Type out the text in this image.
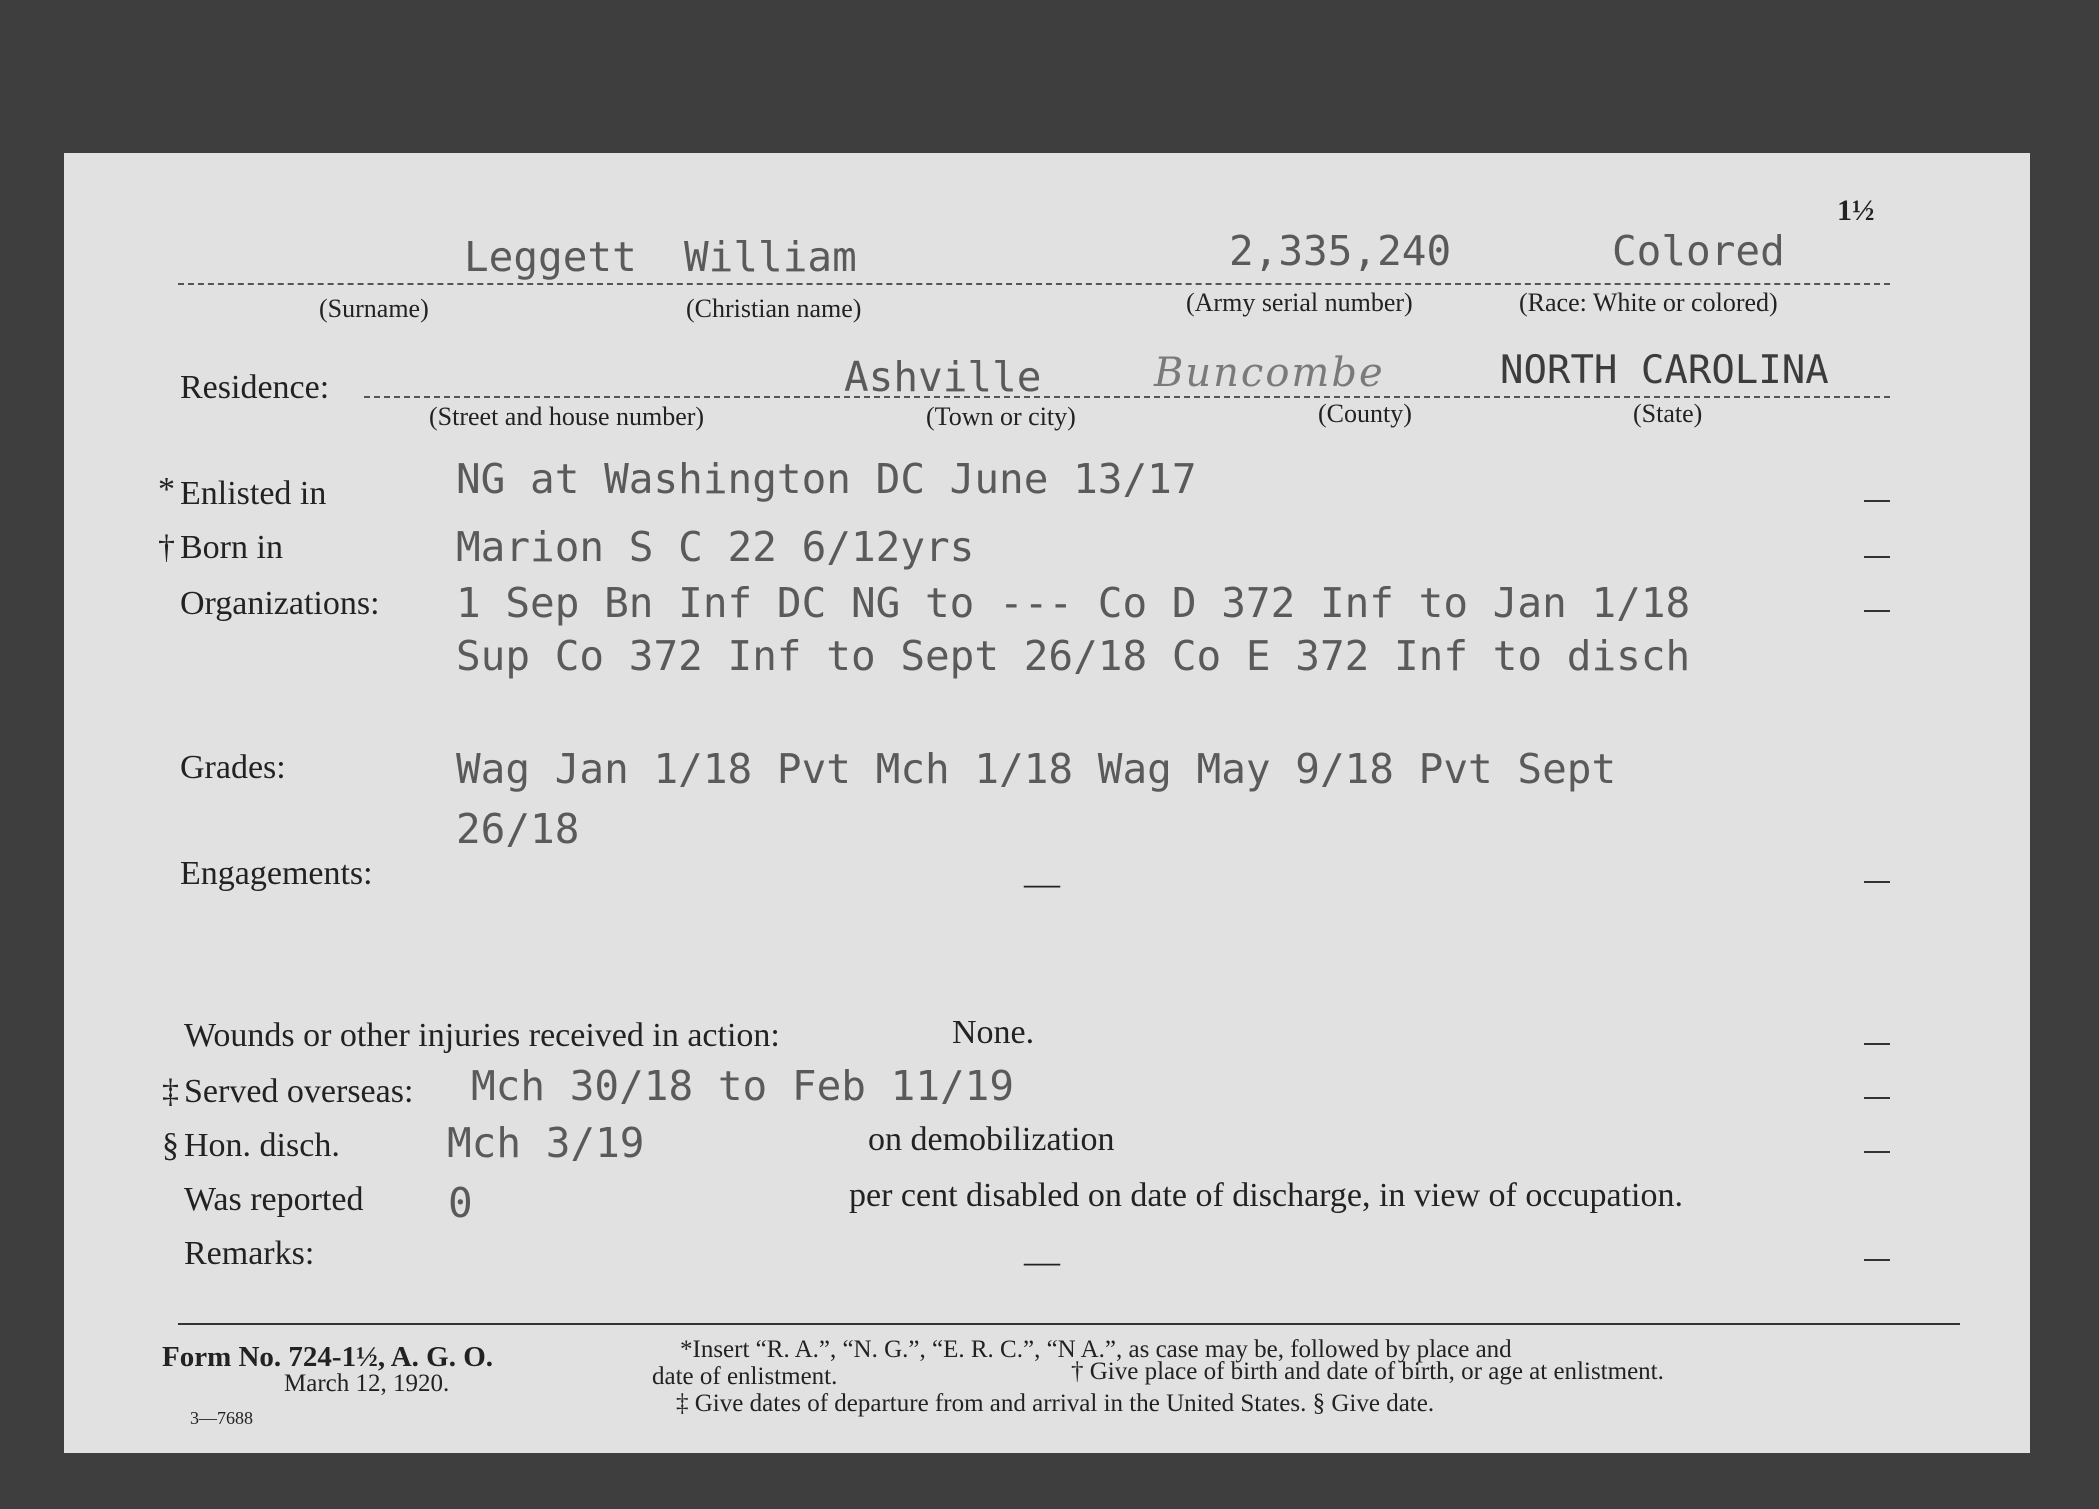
1½
Leggett William	2,335,240	Colored
(Surname)	(Christian name)	(Army serial number)	(Race: White or colored)
Residence:	Ashville	Buncombe	NORTH CAROLINA
(Street and house number)	(Town or city)	(County)	(State)
* Enlisted in	NG at Washington DC June 13/17
† Born in	Marion S C 22 6/12yrs
Organizations: 1 Sep Bn Inf DC NG to --- Co D 372 Inf to Jan 1/18
Sup Co 372 Inf to Sept 26/18 Co E 372 Inf to disch
Grades:	Wag Jan 1/18 Pvt Mch 1/18 Wag May 9/18 Pvt Sept
26/18
Engagements:	—
Wounds or other injuries received in action:	None.
‡ Served overseas: Mch 30/18 to Feb 11/19
§ Hon. disch.	Mch 3/19	on demobilization
Was reported 0	per cent disabled on date of discharge, in view of occupation.
Remarks:	—
Form No. 724-1½, A. G. O.
March 12, 1920.
3—7688
*Insert “R. A.”, “N. G.”, “E. R. C.”, “N A.”, as case may be, followed by place and
date of enlistment.	† Give place of birth and date of birth, or age at enlistment.
‡ Give dates of departure from and arrival in the United States. § Give date.
